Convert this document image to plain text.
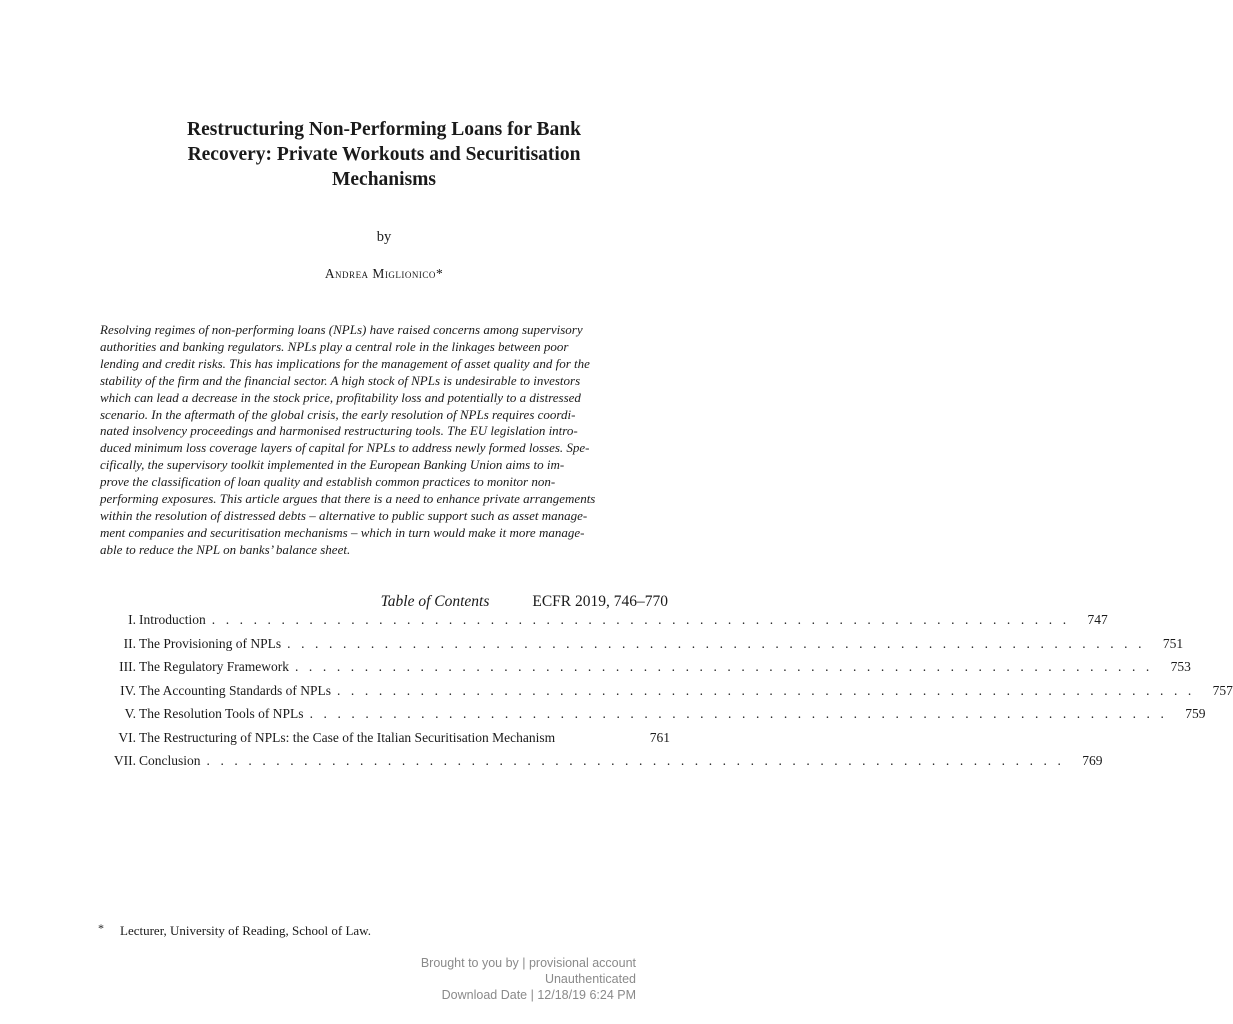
Restructuring Non-Performing Loans for Bank
Recovery: Private Workouts and Securitisation
Mechanisms
by
Andrea Miglionico*
Resolving regimes of non-performing loans (NPLs) have raised concerns among supervisory
authorities and banking regulators. NPLs play a central role in the linkages between poor
lending and credit risks. This has implications for the management of asset quality and for the
stability of the firm and the financial sector. A high stock of NPLs is undesirable to investors
which can lead a decrease in the stock price, profitability loss and potentially to a distressed
scenario. In the aftermath of the global crisis, the early resolution of NPLs requires coordi-
nated insolvency proceedings and harmonised restructuring tools. The EU legislation intro-
duced minimum loss coverage layers of capital for NPLs to address newly formed losses. Spe-
cifically, the supervisory toolkit implemented in the European Banking Union aims to im-
prove the classification of loan quality and establish common practices to monitor non-
performing exposures. This article argues that there is a need to enhance private arrangements
within the resolution of distressed debts – alternative to public support such as asset manage-
ment companies and securitisation mechanisms – which in turn would make it more manage-
able to reduce the NPL on banks’ balance sheet.
Table of Contents	ECFR 2019, 746–770
I. Introduction . . . . . . . . . . . . . . . . . . . . . . . . . . . . . . . . . . . . . . . . . . . . . . . . . . . . . . . . . . . . . .	747
II. The Provisioning of NPLs . . . . . . . . . . . . . . . . . . . . . . . . . . . . . . . . . . . . . . . . . . . . . . . . . . . . . . . . . . . . . .	751
III. The Regulatory Framework . . . . . . . . . . . . . . . . . . . . . . . . . . . . . . . . . . . . . . . . . . . . . . . . . . . . . . . . . . . . . .	753
IV. The Accounting Standards of NPLs . . . . . . . . . . . . . . . . . . . . . . . . . . . . . . . . . . . . . . . . . . . . . . . . . . . . . . . . . . . . . .	757
V. The Resolution Tools of NPLs . . . . . . . . . . . . . . . . . . . . . . . . . . . . . . . . . . . . . . . . . . . . . . . . . . . . . . . . . . . . . .	759
VI. The Restructuring of NPLs: the Case of the Italian Securitisation Mechanism	761
VII. Conclusion . . . . . . . . . . . . . . . . . . . . . . . . . . . . . . . . . . . . . . . . . . . . . . . . . . . . . . . . . . . . . .	769
* Lecturer, University of Reading, School of Law.
Brought to you by | provisional account
Unauthenticated
Download Date | 12/18/19 6:24 PM
